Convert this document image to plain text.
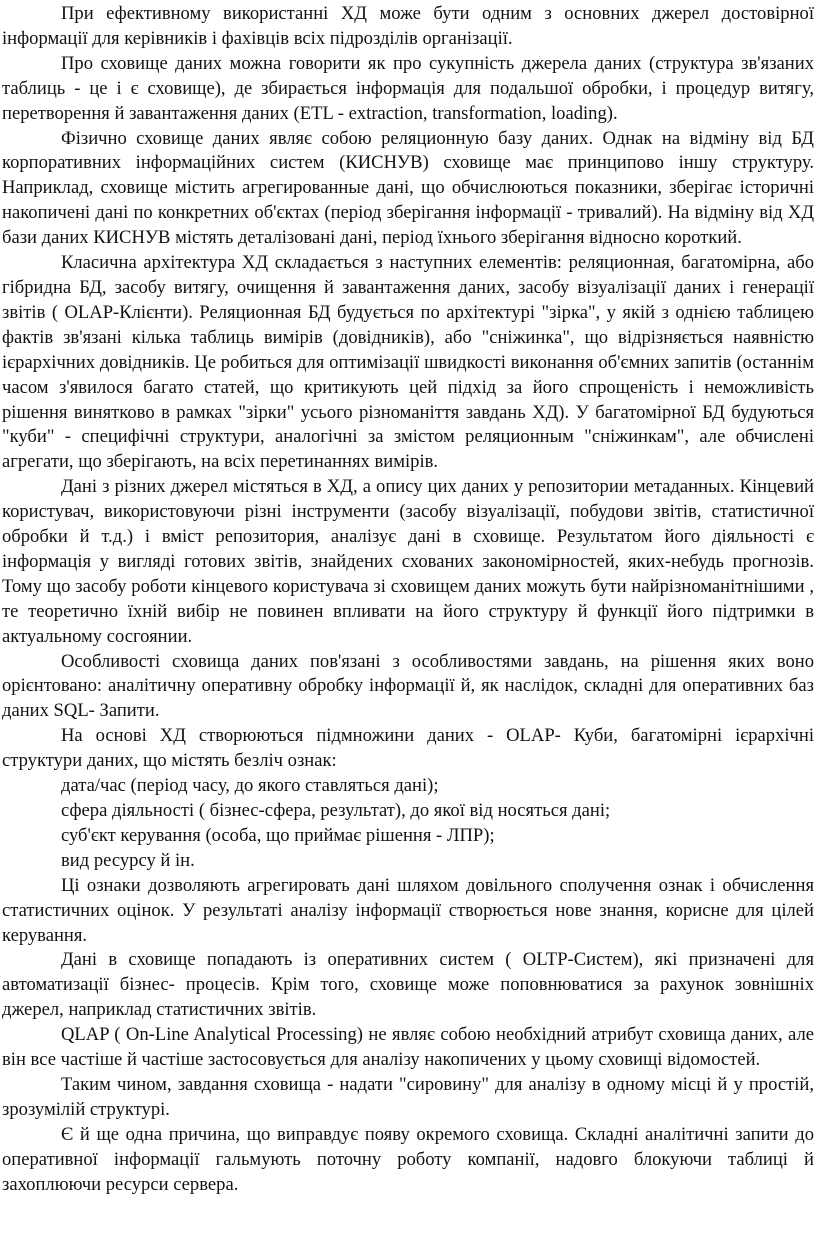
При ефективному використанні ХД може бути одним з основних джерел достовірної інформації для керівників і фахівців всіх підрозділів організації.

Про сховище даних можна говорити як про сукупність джерела даних (структура зв'язаних таблиць - це і є сховище), де збирається інформація для подальшої обробки, і процедур витягу, перетворення й завантаження даних (ETL - extraction, transformation, loading).

Фізично сховище даних являє собою реляционную базу даних. Однак на відміну від БД корпоративних інформаційних систем (КИСНУВ) сховище має принципово іншу структуру. Наприклад, сховище містить агрегированные дані, що обчислюються показники, зберігає історичні накопичені дані по конкретних об'єктах (період зберігання інформації - тривалий). На відміну від ХД бази даних КИСНУВ містять деталізовані дані, період їхнього зберігання відносно короткий.

Класична архітектура ХД складається з наступних елементів: реляционная, багатомірна, або гібридна БД, засобу витягу, очищення й завантаження даних, засобу візуалізації даних і генерації звітів ( OLAP-Клієнти). Реляционная БД будується по архітектурі "зірка", у якій з однією таблицею фактів зв'язані кілька таблиць вимірів (довідників), або "сніжинка", що відрізняється наявністю ієрархічних довідників. Це робиться для оптимізації швидкості виконання об'ємних запитів (останнім часом з'явилося багато статей, що критикують цей підхід за його спрощеність і неможливість рішення винятково в рамках "зірки" усього різноманіття завдань ХД). У багатомірної БД будуються "куби" - специфічні структури, аналогічні за змістом реляционным "сніжинкам", але обчислені агрегати, що зберігають, на всіх перетинаннях вимірів.

Дані з різних джерел містяться в ХД, а опису цих даних у репозитории метаданных. Кінцевий користувач, використовуючи різні інструменти (засобу візуалізації, побудови звітів, статистичної обробки й т.д.) і вміст репозитория, аналізує дані в сховище. Результатом його діяльності є інформація у вигляді готових звітів, знайдених схованих закономірностей, яких-небудь прогнозів. Тому що засобу роботи кінцевого користувача зі сховищем даних можуть бути найрізноманітнішими , те теоретично їхній вибір не повинен впливати на його структуру й функції його підтримки в актуальному сосгоянии.

Особливості сховища даних пов'язані з особливостями завдань, на рішення яких воно орієнтовано: аналітичну оперативну обробку інформації й, як наслідок, складні для оперативних баз даних SQL- Запити.

На основі ХД створюються підмножини даних - OLAP- Куби, багатомірні ієрархічні структури даних, що містять безліч ознак:

дата/час (період часу, до якого ставляться дані);

сфера діяльності ( бізнес-сфера, результат), до якої від носяться дані;

суб'єкт керування (особа, що приймає рішення - ЛПР);

вид ресурсу й ін.

Ці ознаки дозволяють агрегировать дані шляхом довільного сполучення ознак і обчислення статистичних оцінок. У результаті аналізу інформації створюється нове знання, корисне для цілей керування.

Дані в сховище попадають із оперативних систем ( OLTP-Систем), які призначені для автоматизації бізнес- процесів. Крім того, сховище може поповнюватися за рахунок зовнішніх джерел, наприклад статистичних звітів.

QLAP ( On-Line Analytical Processing) не являє собою необхідний атрибут сховища даних, але він все частіше й частіше застосовується для аналізу накопичених у цьому сховищі відомостей.

Таким чином, завдання сховища - надати "сировину" для аналізу в одному місці й у простій, зрозумілій структурі.

Є й ще одна причина, що виправдує появу окремого сховища. Складні аналітичні запити до оперативної інформації гальмують поточну роботу компанії, надовго блокуючи таблиці й захоплюючи ресурси сервера.
